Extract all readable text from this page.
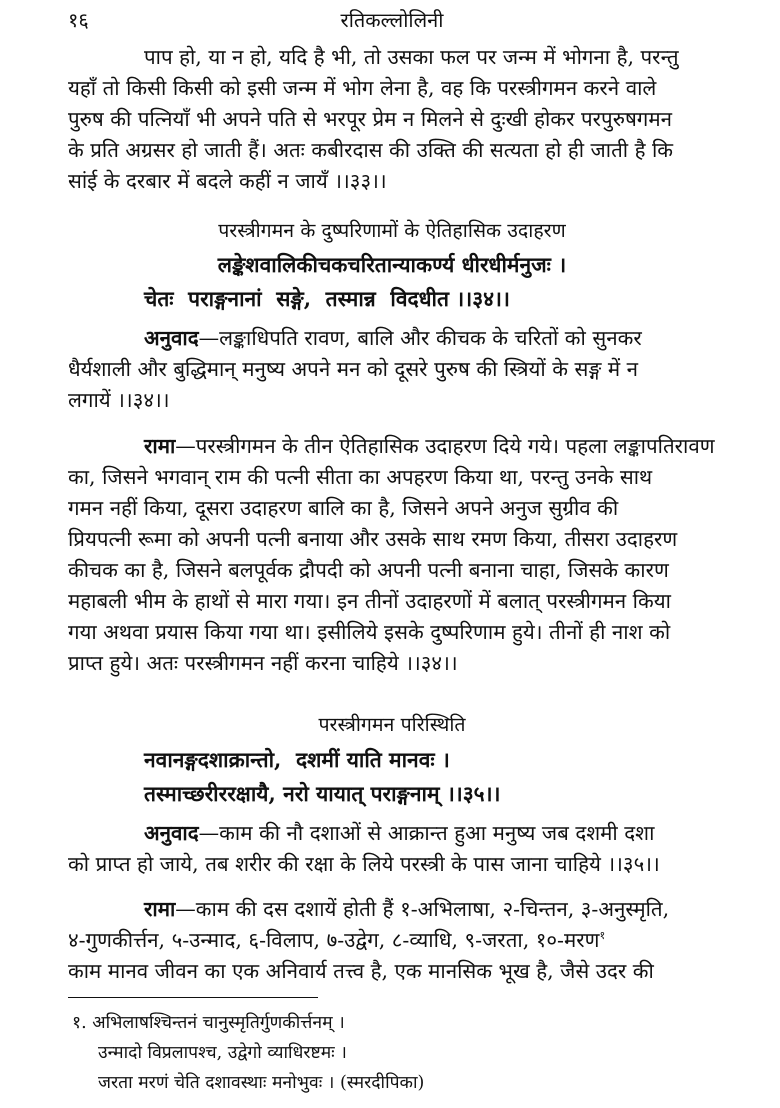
१६	रतिकल्लोलिनी
पाप हो, या न हो, यदि है भी, तो उसका फल पर जन्म में भोगना है, परन्तु
यहाँ तो किसी किसी को इसी जन्म में भोग लेना है, वह कि परस्त्रीगमन करने वाले
पुरुष की पत्नियाँ भी अपने पति से भरपूर प्रेम न मिलने से दुःखी होकर परपुरुषगमन
के प्रति अग्रसर हो जाती हैं। अतः कबीरदास की उक्ति की सत्यता हो ही जाती है कि
सांई के दरबार में बदले कहीं न जायँ ।।३३।।
परस्त्रीगमन के दुष्परिणामों के ऐतिहासिक उदाहरण
लङ्केशवालिकीचकचरितान्याकर्ण्य धीरधीर्मनुजः ।
चेतः  पराङ्गनानां  सङ्गे,  तस्मान्न  विदधीत ।।३४।।
अनुवाद—लङ्काधिपति रावण, बालि और कीचक के चरितों को सुनकर
धैर्यशाली और बुद्धिमान् मनुष्य अपने मन को दूसरे पुरुष की स्त्रियों के सङ्ग में न
लगायें ।।३४।।
रामा—परस्त्रीगमन के तीन ऐतिहासिक उदाहरण दिये गये। पहला लङ्कापतिरावण
का, जिसने भगवान् राम की पत्नी सीता का अपहरण किया था, परन्तु उनके साथ
गमन नहीं किया, दूसरा उदाहरण बालि का है, जिसने अपने अनुज सुग्रीव की
प्रियपत्नी रूमा को अपनी पत्नी बनाया और उसके साथ रमण किया, तीसरा उदाहरण
कीचक का है, जिसने बलपूर्वक द्रौपदी को अपनी पत्नी बनाना चाहा, जिसके कारण
महाबली भीम के हाथों से मारा गया। इन तीनों उदाहरणों में बलात् परस्त्रीगमन किया
गया अथवा प्रयास किया गया था। इसीलिये इसके दुष्परिणाम हुये। तीनों ही नाश को
प्राप्त हुये। अतः परस्त्रीगमन नहीं करना चाहिये ।।३४।।
परस्त्रीगमन परिस्थिति
नवानङ्गदशाक्रान्तो,  दशमीं याति मानवः ।
तस्माच्छरीररक्षायै, नरो यायात् पराङ्गनाम् ।।३५।।
अनुवाद—काम की नौ दशाओं से आक्रान्त हुआ मनुष्य जब दशमी दशा
को प्राप्त हो जाये, तब शरीर की रक्षा के लिये परस्त्री के पास जाना चाहिये ।।३५।।
रामा—काम की दस दशायें होती हैं १-अभिलाषा, २-चिन्तन, ३-अनुस्मृति,
४-गुणकीर्त्तन, ५-उन्माद, ६-विलाप, ७-उद्वेग, ८-व्याधि, ९-जरता, १०-मरण$^१$
काम मानव जीवन का एक अनिवार्य तत्त्व है, एक मानसिक भूख है, जैसे उदर की
१. अभिलाषश्चिन्तनं चानुस्मृतिर्गुणकीर्त्तनम् ।
उन्मादो विप्रलापश्च, उद्वेगो व्याधिरष्टमः ।
जरता मरणं चेति दशावस्थाः मनोभुवः । (स्मरदीपिका)
